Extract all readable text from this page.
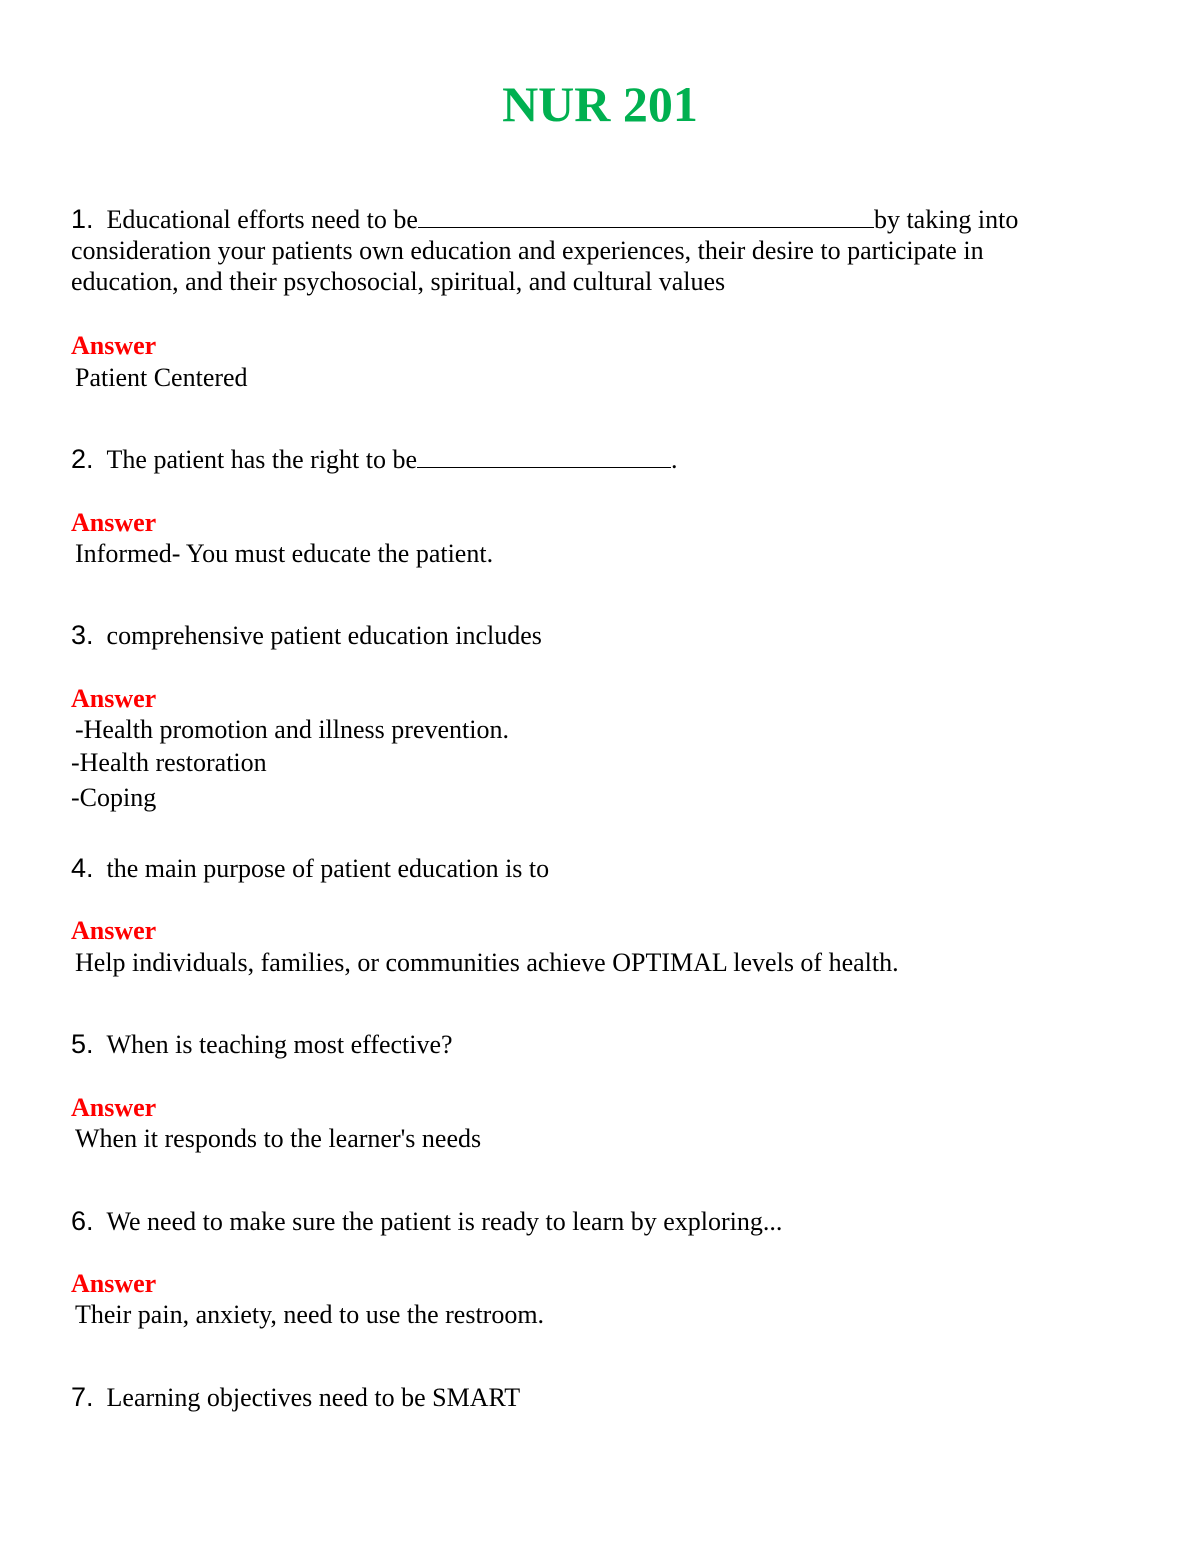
NUR 201
1. Educational efforts need to be	by taking into consideration your patients own education and experiences, their desire to participate in education, and their psychosocial, spiritual, and cultural values
Answer
Patient Centered
2. The patient has the right to be	.
Answer
Informed- You must educate the patient.
3. comprehensive patient education includes
Answer
-Health promotion and illness prevention.
-Health restoration
-Coping
4. the main purpose of patient education is to
Answer
Help individuals, families, or communities achieve OPTIMAL levels of health.
5. When is teaching most effective?
Answer
When it responds to the learner's needs
6. We need to make sure the patient is ready to learn by exploring...
Answer
Their pain, anxiety, need to use the restroom.
7. Learning objectives need to be SMART
